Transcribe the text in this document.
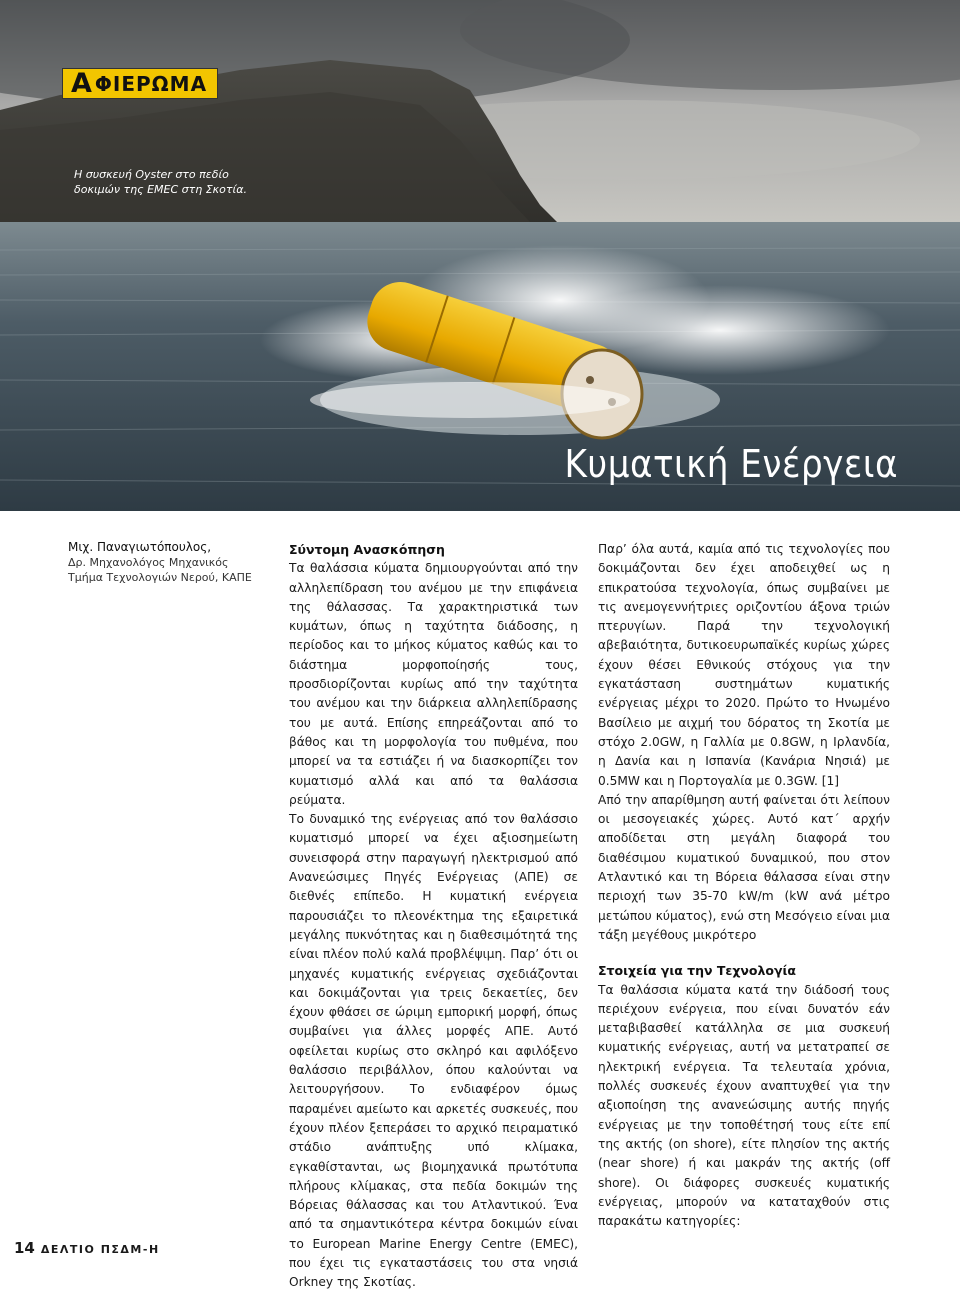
Α ΦΙΕΡΩΜΑ
Η συσκευή Oyster στο πεδίο δοκιμών της EMEC στη Σκοτία.
Κυματική Ενέργεια
Μιχ. Παναγιωτόπουλος,
Δρ. Μηχανολόγος Μηχανικός
Τμήμα Τεχνολογιών Νερού, ΚΑΠΕ
Σύντομη Ανασκόπηση

Τα θαλάσσια κύματα δημιουργούνται από την αλληλεπίδραση του ανέμου με την επιφάνεια της θάλασσας. Τα χαρακτηριστικά των κυμάτων, όπως η ταχύτητα διάδοσης, η περίοδος και το μήκος κύματος καθώς και το διάστημα μορφοποίησής τους, προσδιορίζονται κυρίως από την ταχύτητα του ανέμου και την διάρκεια αλληλεπίδρασης του με αυτά. Επίσης επηρεάζονται από το βάθος και τη μορφολογία του πυθμένα, που μπορεί να τα εστιάζει ή να διασκορπίζει τον κυματισμό αλλά και από τα θαλάσσια ρεύματα.

Το δυναμικό της ενέργειας από τον θαλάσσιο κυματισμό μπορεί να έχει αξιοσημείωτη συνεισφορά στην παραγωγή ηλεκτρισμού από Ανανεώσιμες Πηγές Ενέργειας (ΑΠΕ) σε διεθνές επίπεδο. Η κυματική ενέργεια παρουσιάζει το πλεονέκτημα της εξαιρετικά μεγάλης πυκνότητας και η διαθεσιμότητά της είναι πλέον πολύ καλά προβλέψιμη. Παρ’ ότι οι μηχανές κυματικής ενέργειας σχεδιάζονται και δοκιμάζονται για τρεις δεκαετίες, δεν έχουν φθάσει σε ώριμη εμπορική μορφή, όπως συμβαίνει για άλλες μορφές ΑΠΕ. Αυτό οφείλεται κυρίως στο σκληρό και αφιλόξενο θαλάσσιο περιβάλλον, όπου καλούνται να λειτουργήσουν. Το ενδιαφέρον όμως παραμένει αμείωτο και αρκετές συσκευές, που έχουν πλέον ξεπεράσει το αρχικό πειραματικό στάδιο ανάπτυξης υπό κλίμακα, εγκαθίστανται, ως βιομηχανικά πρωτότυπα πλήρους κλίμακας, στα πεδία δοκιμών της Βόρειας θάλασσας και του Ατλαντικού. Ένα από τα σημαντικότερα κέντρα δοκιμών είναι το European Marine Energy Centre (EMEC), που έχει τις εγκαταστάσεις του στα νησιά Orkney της Σκοτίας.

Παρ’ όλα αυτά, καμία από τις τεχνολογίες που δοκιμάζονται δεν έχει αποδειχθεί ως η επικρατούσα τεχνολογία, όπως συμβαίνει με τις ανεμογεννήτριες οριζοντίου άξονα τριών πτερυγίων. Παρά την τεχνολογική αβεβαιότητα, δυτικοευρωπαϊκές κυρίως χώρες έχουν θέσει Εθνικούς στόχους για την εγκατάσταση συστημάτων κυματικής ενέργειας μέχρι το 2020. Πρώτο το Ηνωμένο Βασίλειο με αιχμή του δόρατος τη Σκοτία με στόχο 2.0GW, η Γαλλία με 0.8GW, η Ιρλανδία, η Δανία και η Ισπανία (Κανάρια Νησιά) με 0.5MW και η Πορτογαλία με 0.3GW. [1]

Από την απαρίθμηση αυτή φαίνεται ότι λείπουν οι μεσογειακές χώρες. Αυτό κατ΄ αρχήν αποδίδεται στη μεγάλη διαφορά του διαθέσιμου κυματικού δυναμικού, που στον Ατλαντικό και τη Βόρεια θάλασσα είναι στην περιοχή των 35-70 kW/m (kW ανά μέτρο μετώπου κύματος), ενώ στη Μεσόγειο είναι μια τάξη μεγέθους μικρότερο

Στοιχεία για την Τεχνολογία

Τα θαλάσσια κύματα κατά την διάδοσή τους περιέχουν ενέργεια, που είναι δυνατόν εάν μεταβιβασθεί κατάλληλα σε μια συσκευή κυματικής ενέργειας, αυτή να μετατραπεί σε ηλεκτρική ενέργεια. Τα τελευταία χρόνια, πολλές συσκευές έχουν αναπτυχθεί για την αξιοποίηση της ανανεώσιμης αυτής πηγής ενέργειας με την τοποθέτησή τους είτε επί της ακτής (on shore), είτε πλησίον της ακτής (near shore) ή και μακράν της ακτής (off shore). Οι διάφορες συσκευές κυματικής ενέργειας, μπορούν να καταταχθούν στις παρακάτω κατηγορίες:

14 ΔΕΛΤΙΟ ΠΣΔΜ-Η
